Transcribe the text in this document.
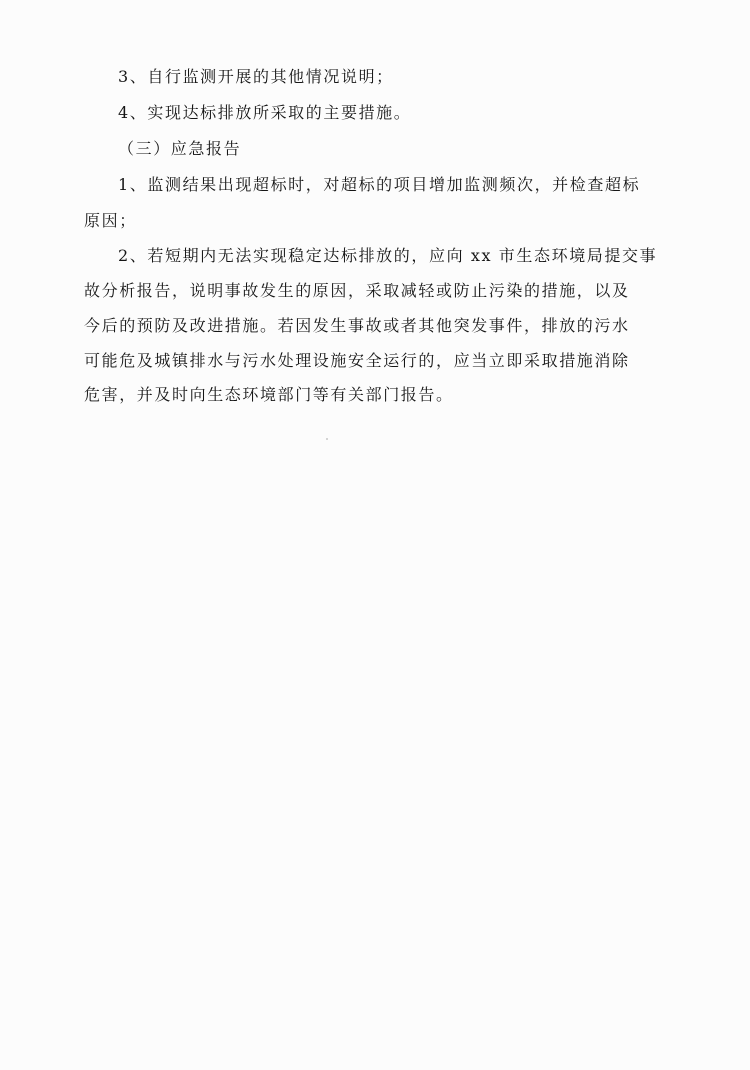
3、自行监测开展的其他情况说明；
4、实现达标排放所采取的主要措施。
（三）应急报告
1、监测结果出现超标时，对超标的项目增加监测频次，并检查超标
原因；
2、若短期内无法实现稳定达标排放的，应向 xx 市生态环境局提交事
故分析报告，说明事故发生的原因，采取减轻或防止污染的措施，以及
今后的预防及改进措施。若因发生事故或者其他突发事件，排放的污水
可能危及城镇排水与污水处理设施安全运行的，应当立即采取措施消除
危害，并及时向生态环境部门等有关部门报告。
